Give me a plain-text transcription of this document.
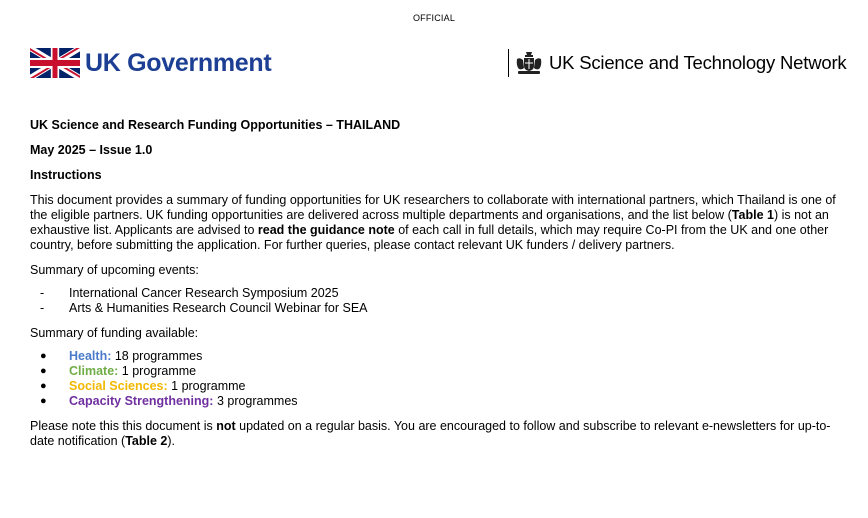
OFFICIAL
UK Government	UK Science and Technology Network

UK Science and Research Funding Opportunities – THAILAND

May 2025 – Issue 1.0

Instructions

This document provides a summary of funding opportunities for UK researchers to collaborate with international partners, which Thailand is one of the eligible partners. UK funding opportunities are delivered across multiple departments and organisations, and the list below (Table 1) is not an exhaustive list. Applicants are advised to read the guidance note of each call in full details, which may require Co-PI from the UK and one other country, before submitting the application. For further queries, please contact relevant UK funders / delivery partners.

Summary of upcoming events:

-	International Cancer Research Symposium 2025
-	Arts & Humanities Research Council Webinar for SEA

Summary of funding available:

●	Health: 18 programmes
●	Climate: 1 programme
●	Social Sciences: 1 programme
●	Capacity Strengthening: 3 programmes

Please note this this document is not updated on a regular basis. You are encouraged to follow and subscribe to relevant e-newsletters for up-to-date notification (Table 2).
